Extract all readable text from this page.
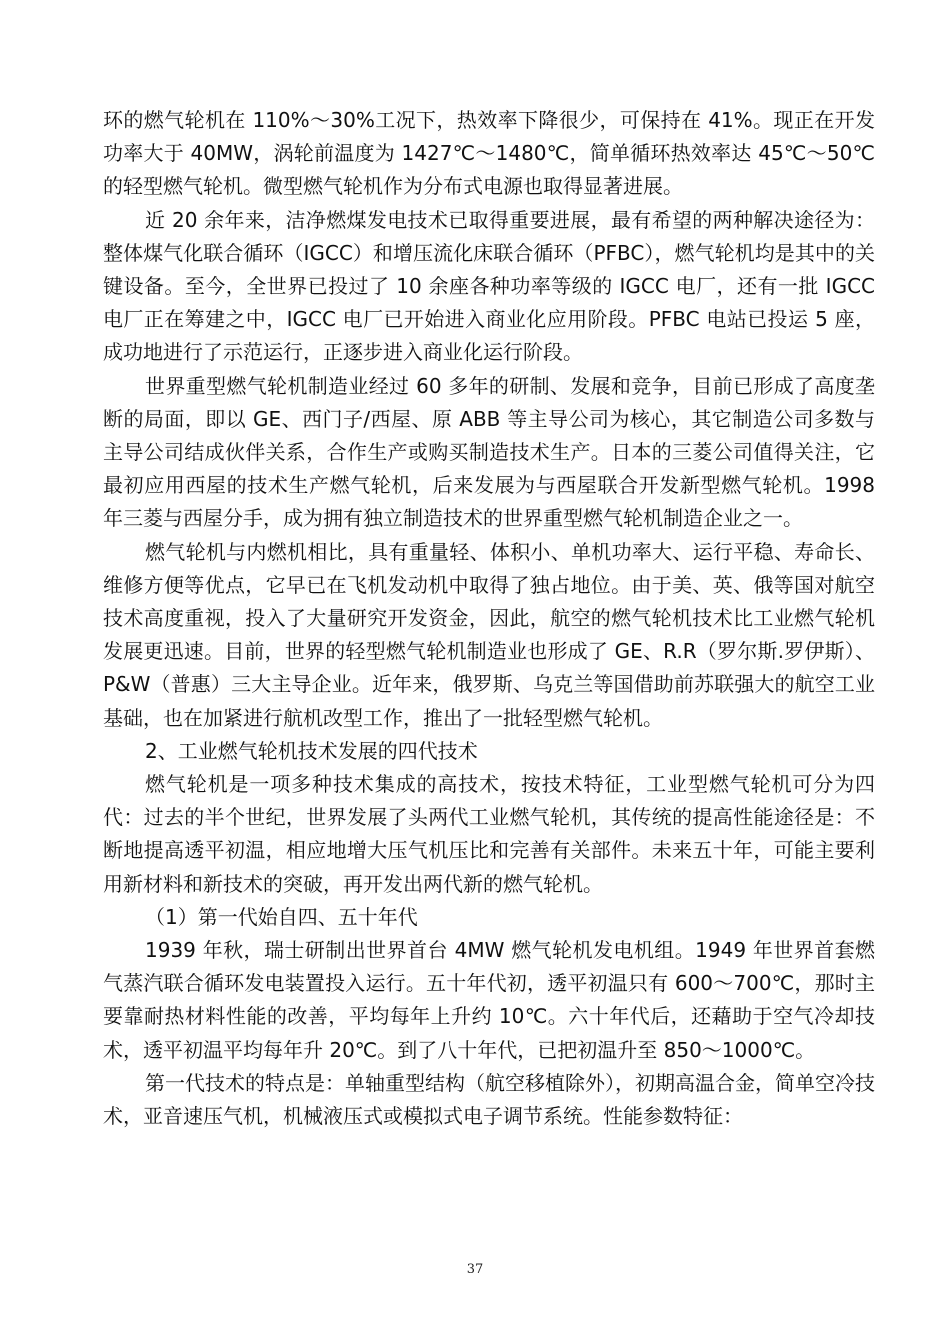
环的燃气轮机在 110%～30%工况下，热效率下降很少，可保持在 41%。现正在开发功率大于 40MW，涡轮前温度为 1427℃～1480℃，简单循环热效率达 45℃～50℃的轻型燃气轮机。微型燃气轮机作为分布式电源也取得显著进展。

近 20 余年来，洁净燃煤发电技术已取得重要进展，最有希望的两种解决途径为：整体煤气化联合循环（IGCC）和增压流化床联合循环（PFBC），燃气轮机均是其中的关键设备。至今，全世界已投过了 10 余座各种功率等级的 IGCC 电厂，还有一批 IGCC 电厂正在筹建之中，IGCC 电厂已开始进入商业化应用阶段。PFBC 电站已投运 5 座，成功地进行了示范运行，正逐步进入商业化运行阶段。

世界重型燃气轮机制造业经过 60 多年的研制、发展和竞争，目前已形成了高度垄断的局面，即以 GE、西门子/西屋、原 ABB 等主导公司为核心，其它制造公司多数与主导公司结成伙伴关系，合作生产或购买制造技术生产。日本的三菱公司值得关注，它最初应用西屋的技术生产燃气轮机，后来发展为与西屋联合开发新型燃气轮机。1998 年三菱与西屋分手，成为拥有独立制造技术的世界重型燃气轮机制造企业之一。

燃气轮机与内燃机相比，具有重量轻、体积小、单机功率大、运行平稳、寿命长、维修方便等优点，它早已在飞机发动机中取得了独占地位。由于美、英、俄等国对航空技术高度重视，投入了大量研究开发资金，因此，航空的燃气轮机技术比工业燃气轮机发展更迅速。目前，世界的轻型燃气轮机制造业也形成了 GE、R.R（罗尔斯.罗伊斯）、P&W（普惠）三大主导企业。近年来，俄罗斯、乌克兰等国借助前苏联强大的航空工业基础，也在加紧进行航机改型工作，推出了一批轻型燃气轮机。

2、工业燃气轮机技术发展的四代技术

燃气轮机是一项多种技术集成的高技术，按技术特征，工业型燃气轮机可分为四代：过去的半个世纪，世界发展了头两代工业燃气轮机，其传统的提高性能途径是：不断地提高透平初温，相应地增大压气机压比和完善有关部件。未来五十年，可能主要利用新材料和新技术的突破，再开发出两代新的燃气轮机。

（1）第一代始自四、五十年代

1939 年秋，瑞士研制出世界首台 4MW 燃气轮机发电机组。1949 年世界首套燃气蒸汽联合循环发电装置投入运行。五十年代初，透平初温只有 600～700℃，那时主要靠耐热材料性能的改善，平均每年上升约 10℃。六十年代后，还藉助于空气冷却技术，透平初温平均每年升 20℃。到了八十年代，已把初温升至 850～1000℃。

第一代技术的特点是：单轴重型结构（航空移植除外），初期高温合金，简单空冷技术，亚音速压气机，机械液压式或模拟式电子调节系统。性能参数特征：

37
